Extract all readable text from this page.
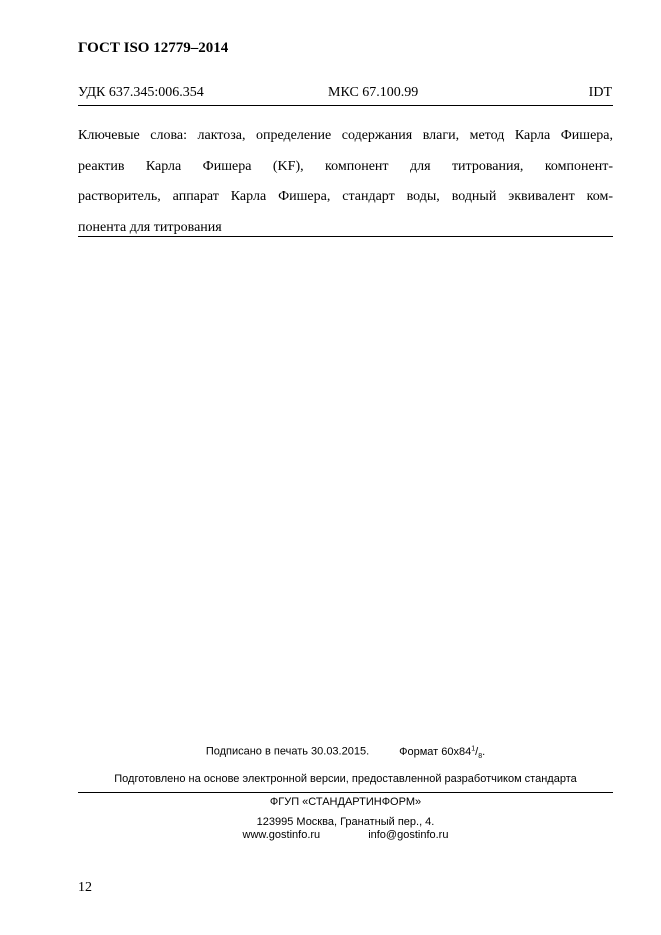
ГОСТ ISO 12779–2014
УДК 637.345:006.354	МКС 67.100.99	IDT
Ключевые слова: лактоза, определение содержания влаги, метод Карла Фишера,
реактив Карла Фишера (KF), компонент для титрования, компонент-
растворитель, аппарат Карла Фишера, стандарт воды, водный эквивалент ком-
понента для титрования
Подписано в печать 30.03.2015.	Формат $60х84^1/_8$.
Подготовлено на основе электронной версии, предоставленной разработчиком стандарта
ФГУП «СТАНДАРТИНФОРМ»
123995 Москва, Гранатный пер., 4.
www.gostinfo.ru	info@gostinfo.ru
12
